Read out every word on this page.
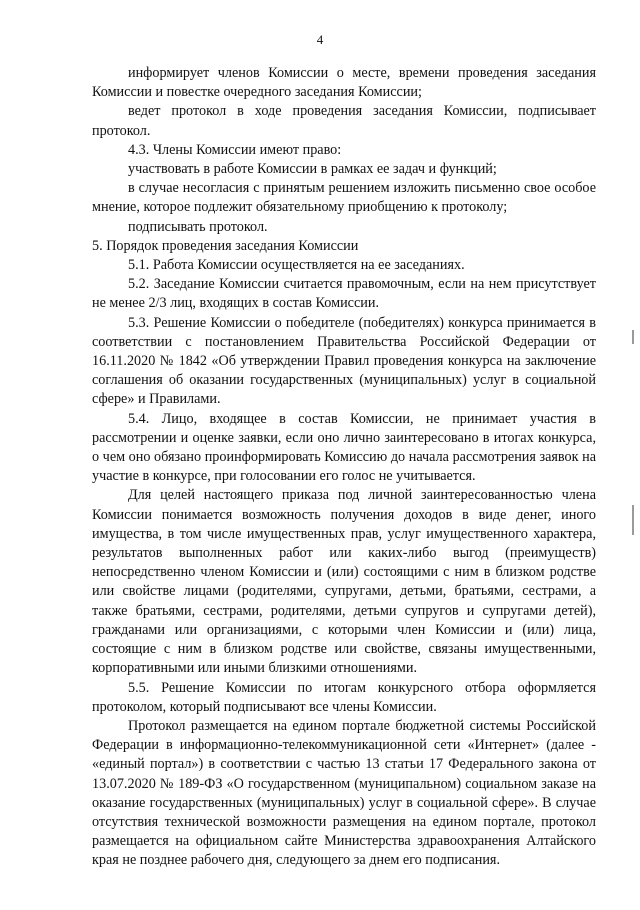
4

информирует членов Комиссии о месте, времени проведения заседания Комиссии и повестке очередного заседания Комиссии;

ведет протокол в ходе проведения заседания Комиссии, подписывает протокол.

4.3. Члены Комиссии имеют право:

участвовать в работе Комиссии в рамках ее задач и функций;

в случае несогласия с принятым решением изложить письменно свое особое мнение, которое подлежит обязательному приобщению к протоколу;

подписывать протокол.

5. Порядок проведения заседания Комиссии

5.1. Работа Комиссии осуществляется на ее заседаниях.

5.2. Заседание Комиссии считается правомочным, если на нем присутствует не менее 2/3 лиц, входящих в состав Комиссии.

5.3. Решение Комиссии о победителе (победителях) конкурса принимается в соответствии с постановлением Правительства Российской Федерации от 16.11.2020 № 1842 «Об утверждении Правил проведения конкурса на заключение соглашения об оказании государственных (муниципальных) услуг в социальной сфере» и Правилами.

5.4. Лицо, входящее в состав Комиссии, не принимает участия в рассмотрении и оценке заявки, если оно лично заинтересовано в итогах конкурса, о чем оно обязано проинформировать Комиссию до начала рассмотрения заявок на участие в конкурсе, при голосовании его голос не учитывается.

Для целей настоящего приказа под личной заинтересованностью члена Комиссии понимается возможность получения доходов в виде денег, иного имущества, в том числе имущественных прав, услуг имущественного характера, результатов выполненных работ или каких-либо выгод (преимуществ) непосредственно членом Комиссии и (или) состоящими с ним в близком родстве или свойстве лицами (родителями, супругами, детьми, братьями, сестрами, а также братьями, сестрами, родителями, детьми супругов и супругами детей), гражданами или организациями, с которыми член Комиссии и (или) лица, состоящие с ним в близком родстве или свойстве, связаны имущественными, корпоративными или иными близкими отношениями.

5.5. Решение Комиссии по итогам конкурсного отбора оформляется протоколом, который подписывают все члены Комиссии.

Протокол размещается на едином портале бюджетной системы Российской Федерации в информационно-телекоммуникационной сети «Интернет» (далее - «единый портал») в соответствии с частью 13 статьи 17 Федерального закона от 13.07.2020 № 189-ФЗ «О государственном (муниципальном) социальном заказе на оказание государственных (муниципальных) услуг в социальной сфере». В случае отсутствия технической возможности размещения на едином портале, протокол размещается на официальном сайте Министерства здравоохранения Алтайского края не позднее рабочего дня, следующего за днем его подписания.
